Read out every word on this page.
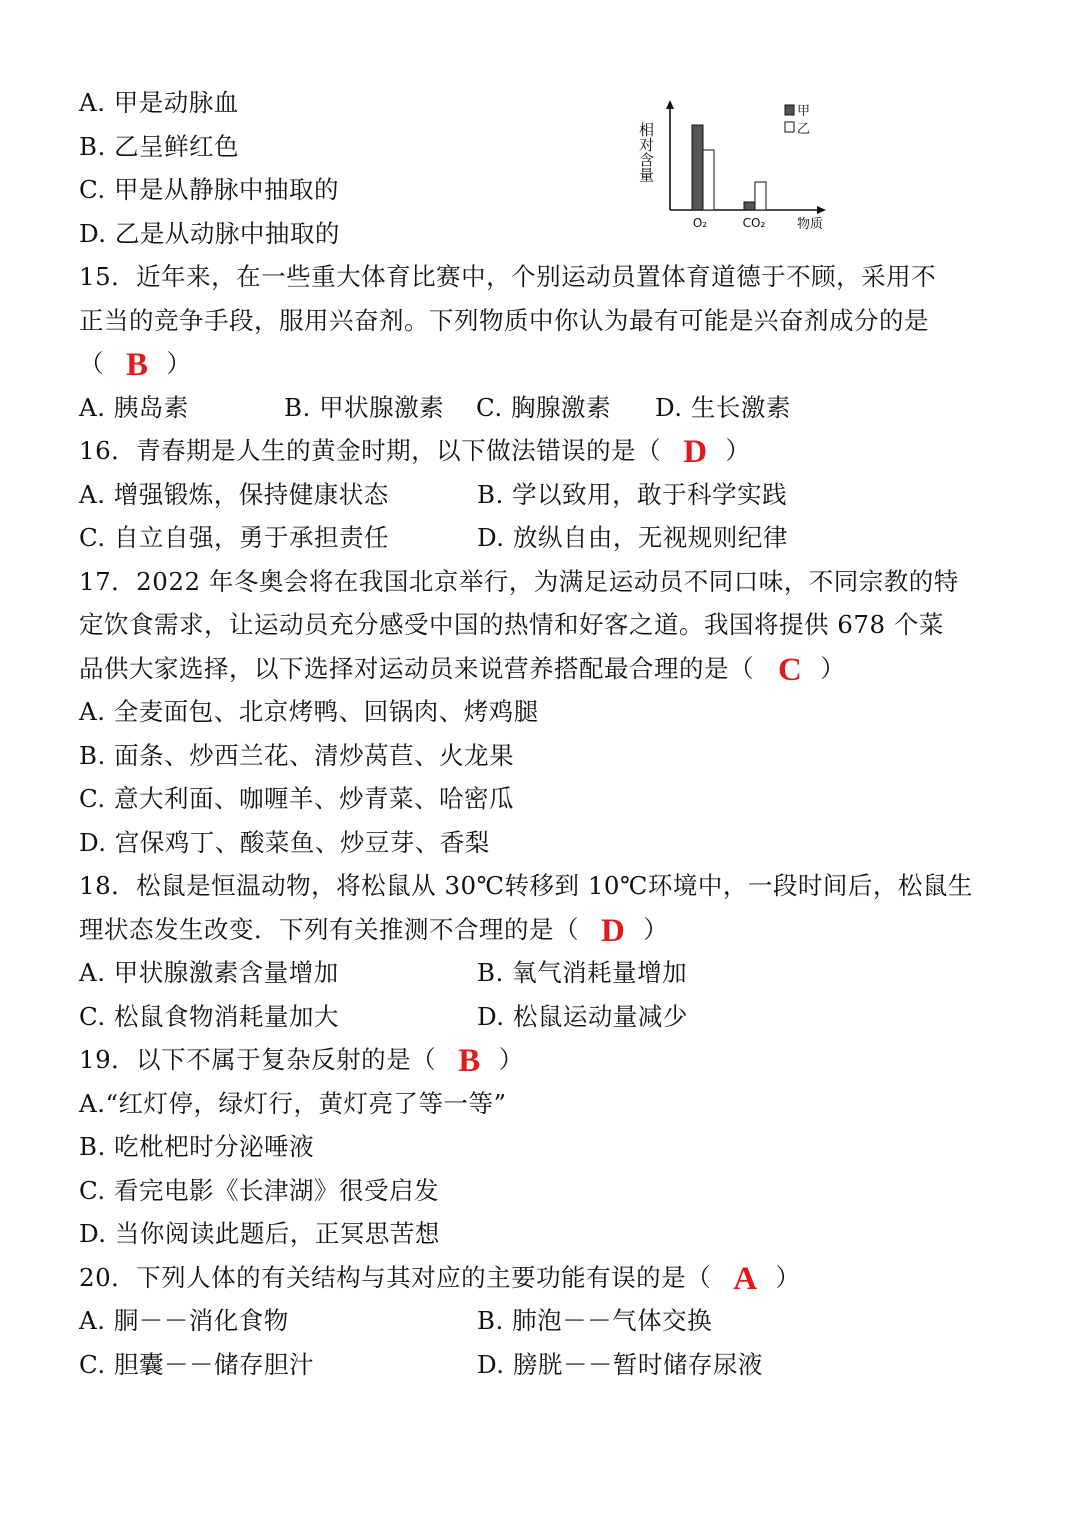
A. 甲是动脉血
B. 乙呈鲜红色
C. 甲是从静脉中抽取的
D. 乙是从动脉中抽取的
相对含量
O₂	CO₂ 物质
甲
乙
15．近年来，在一些重大体育比赛中，个别运动员置体育道德于不顾，采用不
正当的竞争手段，服用兴奋剂。下列物质中你认为最有可能是兴奋剂成分的是
（ B ）
A. 胰岛素	B. 甲状腺激素 C. 胸腺激素 D. 生长激素
16．青春期是人生的黄金时期，以下做法错误的是（ D ）
A. 增强锻炼，保持健康状态	B. 学以致用，敢于科学实践
C. 自立自强，勇于承担责任	D. 放纵自由，无视规则纪律
17．2022 年冬奥会将在我国北京举行，为满足运动员不同口味，不同宗教的特
定饮食需求，让运动员充分感受中国的热情和好客之道。我国将提供 678 个菜
品供大家选择，以下选择对运动员来说营养搭配最合理的是（ C ）
A. 全麦面包、北京烤鸭、回锅肉、烤鸡腿
B. 面条、炒西兰花、清炒莴苣、火龙果
C. 意大利面、咖喱羊、炒青菜、哈密瓜
D. 宫保鸡丁、酸菜鱼、炒豆芽、香梨
18．松鼠是恒温动物，将松鼠从 30℃转移到 10℃环境中，一段时间后，松鼠生
理状态发生改变．下列有关推测不合理的是（ D ）
A. 甲状腺激素含量增加	B. 氧气消耗量增加
C. 松鼠食物消耗量加大	D. 松鼠运动量减少
19．以下不属于复杂反射的是（ B ）
A.“红灯停，绿灯行，黄灯亮了等一等”
B. 吃枇杷时分泌唾液
C. 看完电影《长津湖》很受启发
D. 当你阅读此题后，正冥思苦想
20．下列人体的有关结构与其对应的主要功能有误的是（ A ）
A. 胴－－消化食物	B. 肺泡－－气体交换
C. 胆囊－－储存胆汁	D. 膀胱－－暂时储存尿液
